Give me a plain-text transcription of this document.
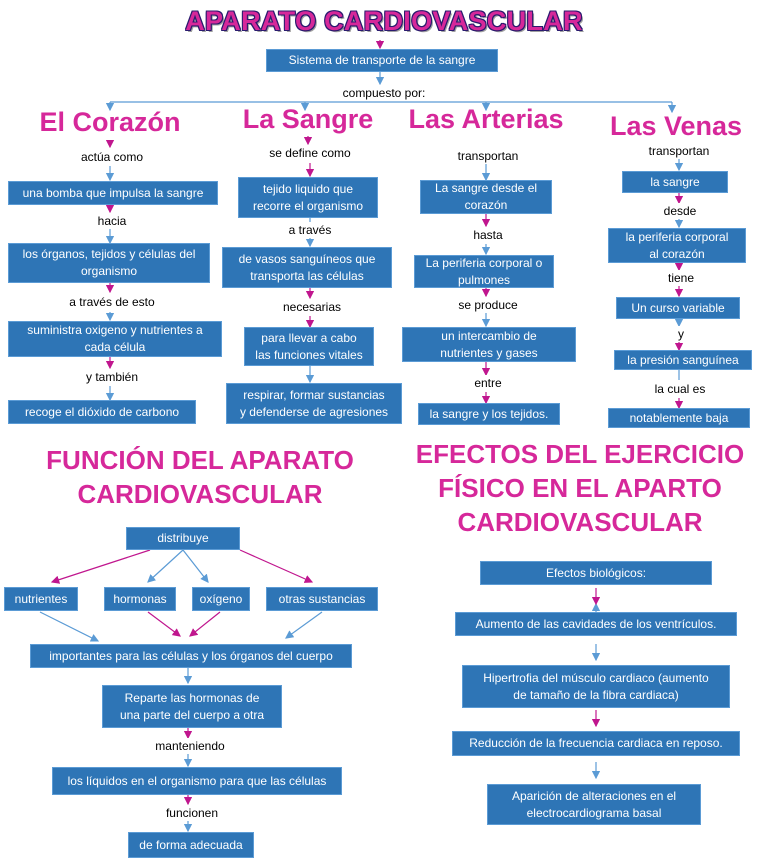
APARATO CARDIOVASCULAR
Sistema de transporte de la sangre
compuesto por:
El Corazón	La Sangre	Las Arterias	Las Venas
actúa como
una bomba que impulsa la sangre
hacia
los órganos, tejidos y células del
organismo
a través de esto
suministra oxigeno y nutrientes a
cada célula
y también
recoge el dióxido de carbono
se define como
tejido liquido que
recorre el organismo
a través
de vasos sanguíneos que
transporta las células
necesarias
para llevar a cabo
las funciones vitales
respirar, formar sustancias
y defenderse de agresiones
transportan
La sangre desde el
corazón
hasta
La periferia corporal o
pulmones
se produce
un intercambio de
nutrientes y gases
entre
la sangre y los tejidos.
transportan
la sangre
desde
la periferia corporal
al corazón
tiene
Un curso variable
y
la presión sanguínea
la cual es
notablemente baja
FUNCIÓN DEL APARATO
CARDIOVASCULAR
distribuye
nutrientes	hormonas	oxígeno	otras sustancias
importantes para las células y los órganos del cuerpo
Reparte las hormonas de
una parte del cuerpo a otra
manteniendo
los líquidos en el organismo para que las células
funcionen
de forma adecuada
EFECTOS DEL EJERCICIO
FÍSICO EN EL APARTO
CARDIOVASCULAR
Efectos biológicos:
Aumento de las cavidades de los ventrículos.
Hipertrofia del músculo cardiaco (aumento
de tamaño de la fibra cardiaca)
Reducción de la frecuencia cardiaca en reposo.
Aparición de alteraciones en el
electrocardiograma basal
